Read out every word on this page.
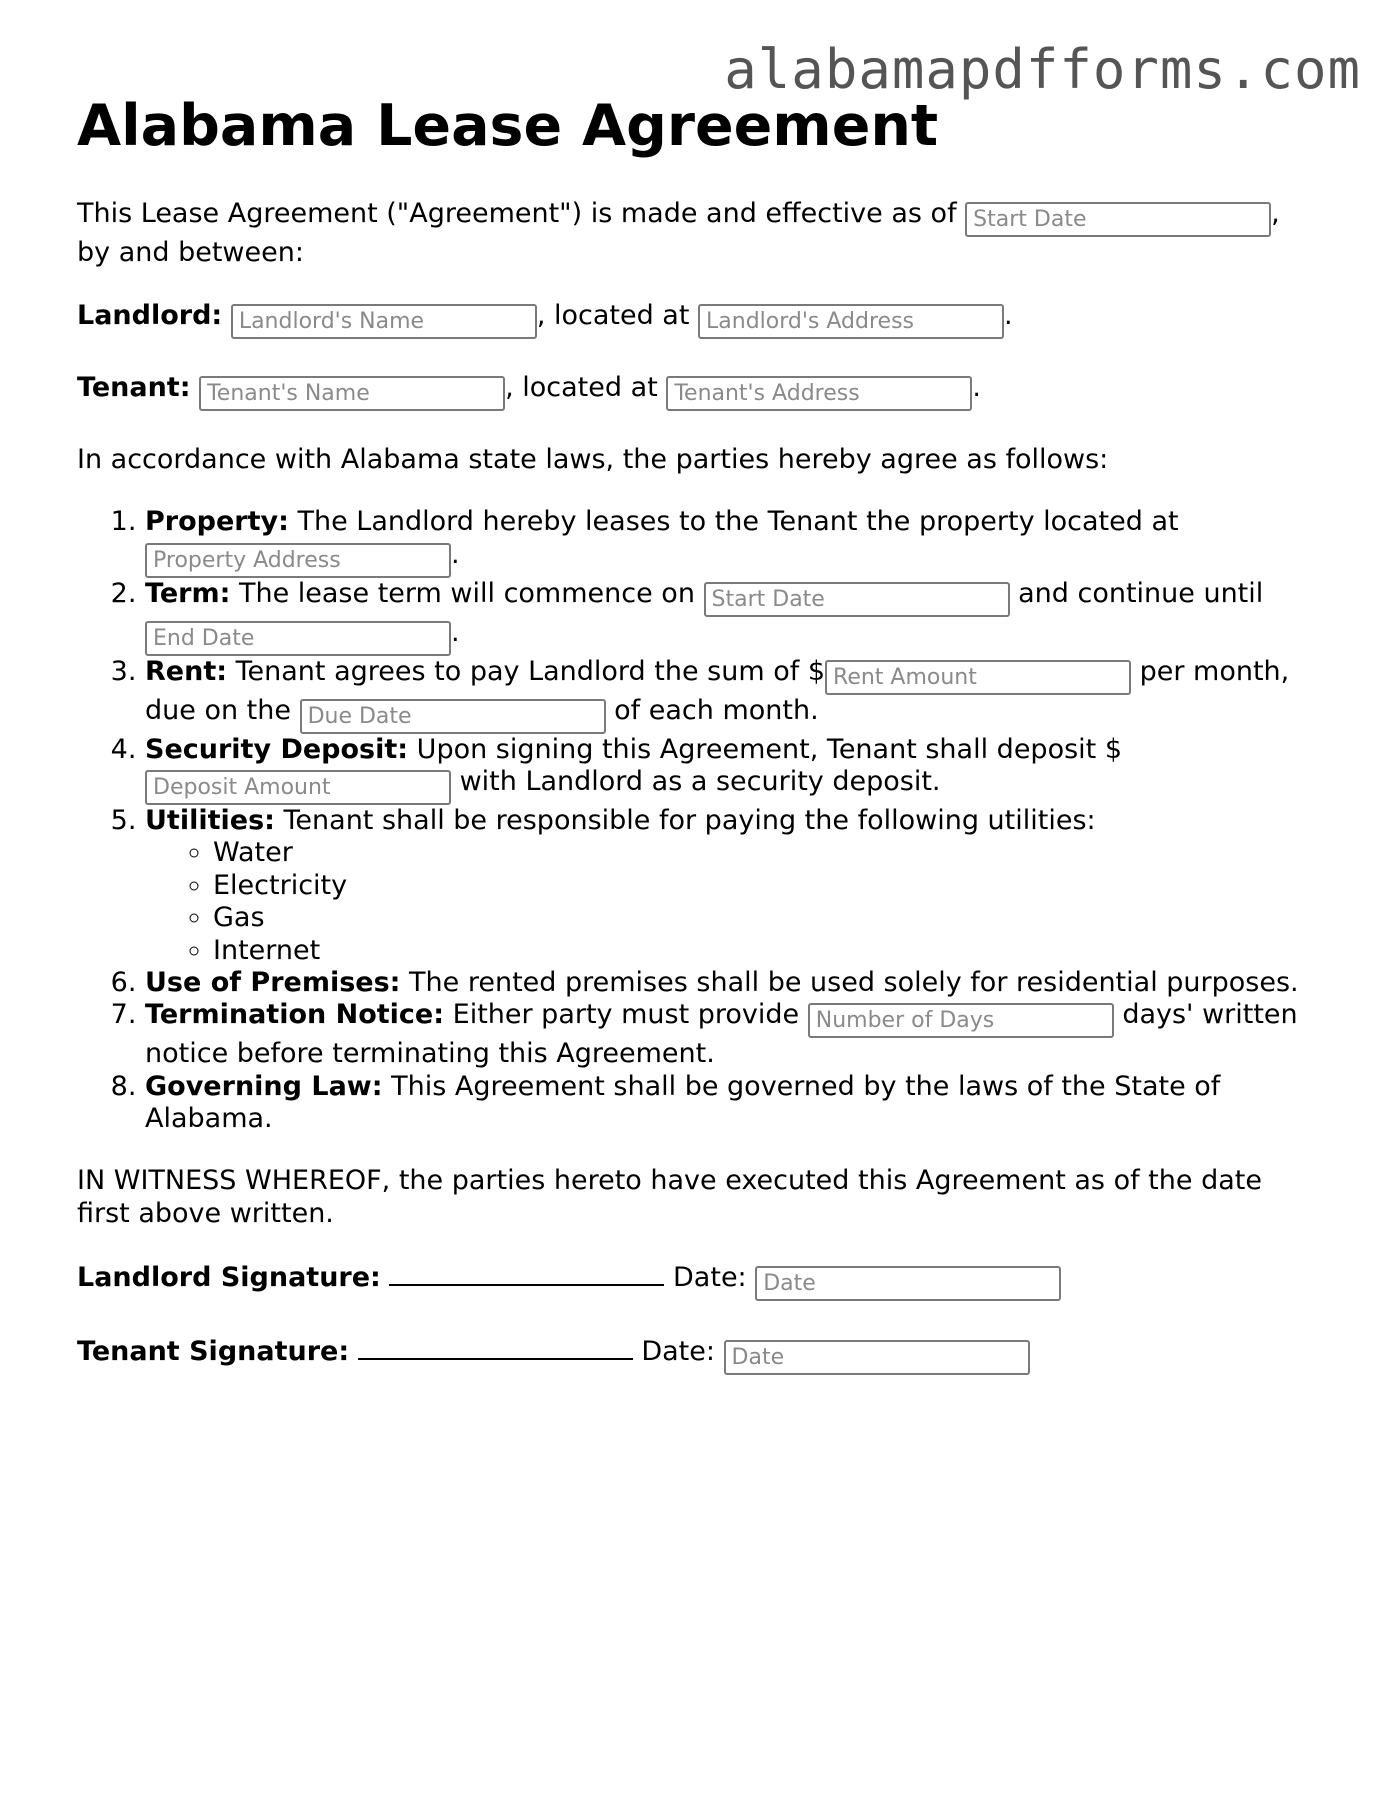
alabamapdfforms.com
Alabama Lease Agreement

This Lease Agreement ("Agreement") is made and effective as of Start Date	,
by and between:

Landlord: Landlord's Name	, located at Landlord's Address	.
Tenant: Tenant's Name	, located at Tenant's Address	.

In accordance with Alabama state laws, the parties hereby agree as follows:

1. Property: The Landlord hereby leases to the Tenant the property located at
Property Address.
2. Term: The lease term will commence on Start Date	and continue until
End Date.
3. Rent: Tenant agrees to pay Landlord the sum of $Rent Amount	per month, due on the Due Date	of each month.
4. Security Deposit: Upon signing this Agreement, Tenant shall deposit $
Deposit Amount with Landlord as a security deposit.
5. Utilities: Tenant shall be responsible for paying the following utilities:
◦ Water
◦ Electricity
◦ Gas
◦ Internet
6. Use of Premises: The rented premises shall be used solely for residential purposes.
7. Termination Notice: Either party must provide Number of Days	days' written notice before terminating this Agreement.
8. Governing Law: This Agreement shall be governed by the laws of the State of Alabama.

IN WITNESS WHEREOF, the parties hereto have executed this Agreement as of the date first above written.

Landlord Signature:	Date: Date
Tenant Signature:	Date: Date
